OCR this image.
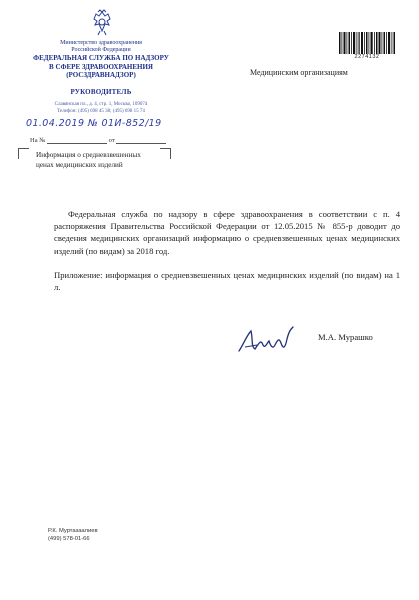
Министерство здравоохранения
Российской Федерации
ФЕДЕРАЛЬНАЯ СЛУЖБА ПО НАДЗОРУ
В СФЕРЕ ЗДРАВООХРАНЕНИЯ
(РОСЗДРАВНАДЗОР)
РУКОВОДИТЕЛЬ
Славянская пл., д. 4, стр. 1, Москва, 109074
Телефон: (495) 698 45 38; (495) 698 15 74
01.04.2019 № 01И-852/19
На №	от
Информация о средневзвешенных
ценах медицинских изделий
2274132
Медицинским организациям
Федеральная служба по надзору в сфере здравоохранения в соответствии с п. 4 распоряжения Правительства Российской Федерации от 12.05.2015 № 855-р доводит до сведения медицинских организаций информацию о средневзвешенных ценах медицинских изделий (по видам) за 2018 год.
Приложение: информация о средневзвешенных ценах медицинских изделий (по видам) на 1 л.
М.А. Мурашко
Р.К. Муртазаалиев
(499) 578-01-66
